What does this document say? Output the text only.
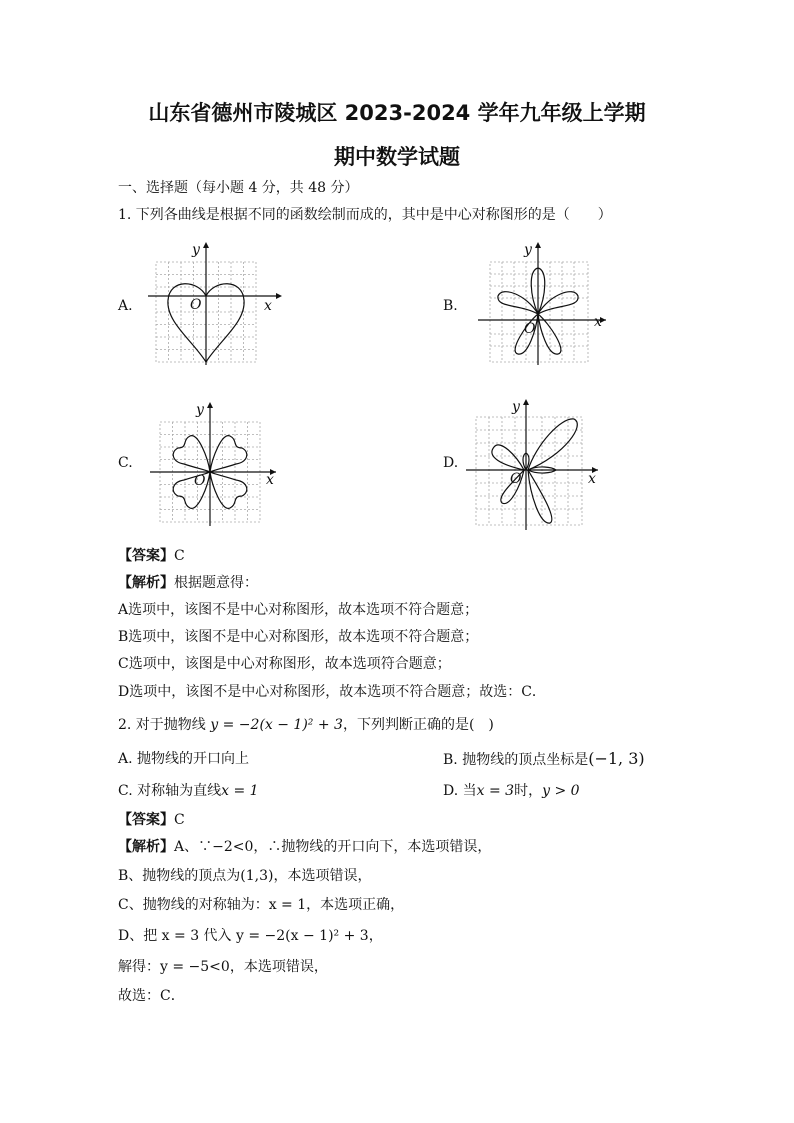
山东省德州市陵城区 2023-2024 学年九年级上学期
期中数学试题
一、选择题（每小题 4 分，共 48 分）
1. 下列各曲线是根据不同的函数绘制而成的，其中是中心对称图形的是（　　）
A.	B.
C.	D.
x
y
O
x
y
O
x
y
O	x
y
O
【答案】C
【解析】根据题意得：
A选项中，该图不是中心对称图形，故本选项不符合题意；
B选项中，该图不是中心对称图形，故本选项不符合题意；
C选项中，该图是中心对称图形，故本选项符合题意；
D选项中，该图不是中心对称图形，故本选项不符合题意；故选：C．
2. 对于抛物线 y = −2(x − 1)² + 3，下列判断正确的是(　)
A. 抛物线的开口向上	B. 抛物线的顶点坐标是(−1, 3)
C. 对称轴为直线x = 1	D. 当x = 3时，y > 0
【答案】C
【解析】A、∵−2<0，∴抛物线的开口向下，本选项错误，
B、抛物线的顶点为(1,3)，本选项错误，
C、抛物线的对称轴为：x = 1，本选项正确，
D、把 x = 3 代入 y = −2(x − 1)² + 3，
解得：y = −5<0，本选项错误，
故选：C．
